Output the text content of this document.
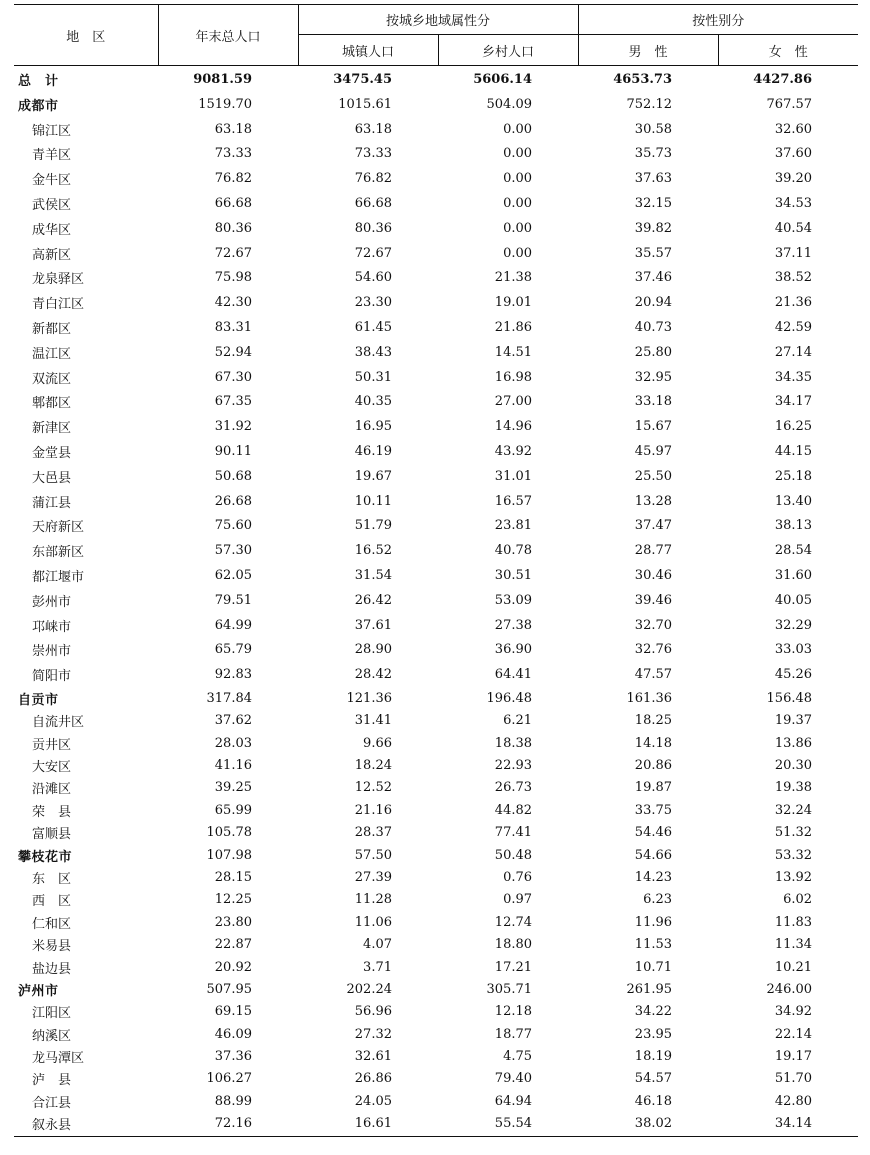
地　区	年末总人口	按城乡地域属性分		按性别分	
		城镇人口	乡村人口	男　性	女　性
总　计	9081.59	3475.45	5606.14	4653.73	4427.86
成都市	1519.70	1015.61	504.09	752.12	767.57
锦江区	63.18	63.18	0.00	30.58	32.60
青羊区	73.33	73.33	0.00	35.73	37.60
金牛区	76.82	76.82	0.00	37.63	39.20
武侯区	66.68	66.68	0.00	32.15	34.53
成华区	80.36	80.36	0.00	39.82	40.54
高新区	72.67	72.67	0.00	35.57	37.11
龙泉驿区	75.98	54.60	21.38	37.46	38.52
青白江区	42.30	23.30	19.01	20.94	21.36
新都区	83.31	61.45	21.86	40.73	42.59
温江区	52.94	38.43	14.51	25.80	27.14
双流区	67.30	50.31	16.98	32.95	34.35
郫都区	67.35	40.35	27.00	33.18	34.17
新津区	31.92	16.95	14.96	15.67	16.25
金堂县	90.11	46.19	43.92	45.97	44.15
大邑县	50.68	19.67	31.01	25.50	25.18
蒲江县	26.68	10.11	16.57	13.28	13.40
天府新区	75.60	51.79	23.81	37.47	38.13
东部新区	57.30	16.52	40.78	28.77	28.54
都江堰市	62.05	31.54	30.51	30.46	31.60
彭州市	79.51	26.42	53.09	39.46	40.05
邛崃市	64.99	37.61	27.38	32.70	32.29
崇州市	65.79	28.90	36.90	32.76	33.03
简阳市	92.83	28.42	64.41	47.57	45.26
自贡市	317.84	121.36	196.48	161.36	156.48
自流井区	37.62	31.41	6.21	18.25	19.37
贡井区	28.03	9.66	18.38	14.18	13.86
大安区	41.16	18.24	22.93	20.86	20.30
沿滩区	39.25	12.52	26.73	19.87	19.38
荣　县	65.99	21.16	44.82	33.75	32.24
富顺县	105.78	28.37	77.41	54.46	51.32
攀枝花市	107.98	57.50	50.48	54.66	53.32
东　区	28.15	27.39	0.76	14.23	13.92
西　区	12.25	11.28	0.97	6.23	6.02
仁和区	23.80	11.06	12.74	11.96	11.83
米易县	22.87	4.07	18.80	11.53	11.34
盐边县	20.92	3.71	17.21	10.71	10.21
泸州市	507.95	202.24	305.71	261.95	246.00
江阳区	69.15	56.96	12.18	34.22	34.92
纳溪区	46.09	27.32	18.77	23.95	22.14
龙马潭区	37.36	32.61	4.75	18.19	19.17
泸　县	106.27	26.86	79.40	54.57	51.70
合江县	88.99	24.05	64.94	46.18	42.80
叙永县	72.16	16.61	55.54	38.02	34.14
